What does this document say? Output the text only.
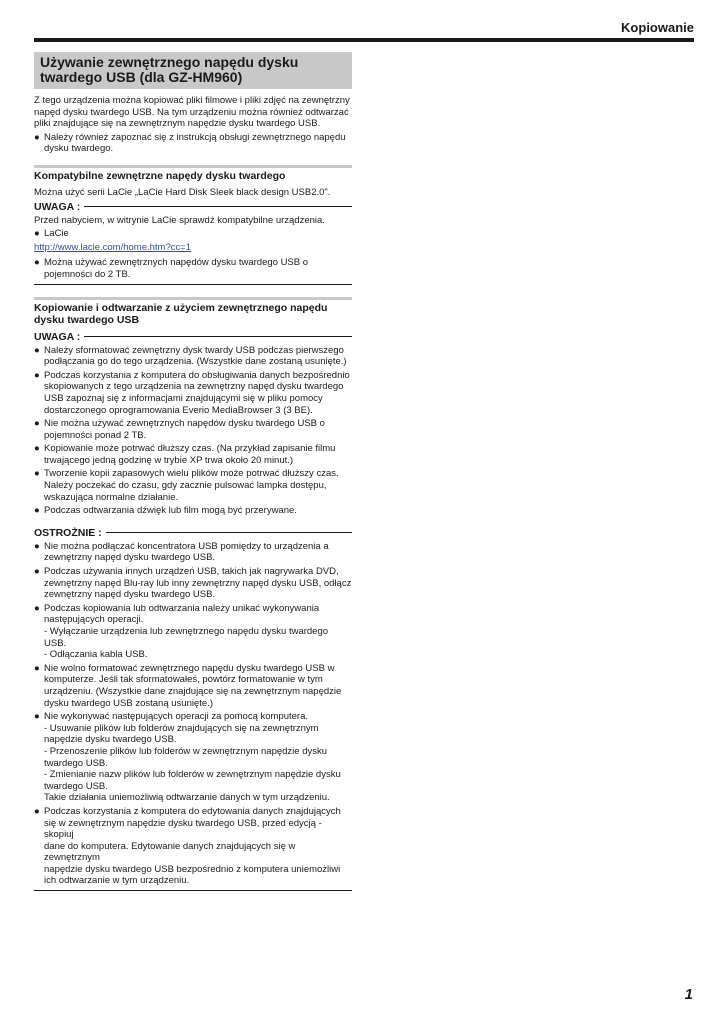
Kopiowanie
Używanie zewnętrznego napędu dysku
twardego USB (dla GZ-HM960)
Z tego urządzenia można kopiować pliki filmowe i pliki zdjęć na zewnętrzny
napęd dysku twardego USB. Na tym urządzeniu można również odtwarzać
pliki znajdujące się na zewnętrznym napędzie dysku twardego USB.
● Należy również zapoznać się z instrukcją obsługi zewnętrznego napędu
dysku twardego.
Kompatybilne zewnętrzne napędy dysku twardego
Można użyć serii LaCie „LaCie Hard Disk Sleek black design USB2.0".
UWAGA :
Przed nabyciem, w witrynie LaCie sprawdź kompatybilne urządzenia.
● LaCie
http://www.lacie.com/home.htm?cc=1
● Można używać zewnętrznych napędów dysku twardego USB o
pojemności do 2 TB.
Kopiowanie i odtwarzanie z użyciem zewnętrznego napędu
dysku twardego USB
UWAGA :
● Należy sformatować zewnętrzny dysk twardy USB podczas pierwszego
podłączania go do tego urządzenia. (Wszystkie dane zostaną usunięte.)
● Podczas korzystania z komputera do obsługiwania danych bezpośrednio
skopiowanych z tego urządzenia na zewnętrzny napęd dysku twardego
USB zapoznaj się z informacjami znajdującymi się w pliku pomocy
dostarczonego oprogramowania Everio MediaBrowser 3 (3 BE).
● Nie można używać zewnętrznych napędów dysku twardego USB o
pojemności ponad 2 TB.
● Kopiowanie może potrwać dłuższy czas. (Na przykład zapisanie filmu
trwającego jedną godzinę w trybie XP trwa około 20 minut.)
● Tworzenie kopii zapasowych wielu plików może potrwać dłuższy czas.
Należy poczekać do czasu, gdy zacznie pulsować lampka dostępu,
wskazująca normalne działanie.
● Podczas odtwarzania dźwięk lub film mogą być przerywane.
OSTROŻNIE :
● Nie można podłączać koncentratora USB pomiędzy to urządzenia a
zewnętrzny napęd dysku twardego USB.
● Podczas używania innych urządzeń USB, takich jak nagrywarka DVD,
zewnętrzny napęd Blu-ray lub inny zewnętrzny napęd dysku USB, odłącz
zewnętrzny napęd dysku twardego USB.
● Podczas kopiowania lub odtwarzania należy unikać wykonywania
następujących operacji.
- Wyłączanie urządzenia lub zewnętrznego napędu dysku twardego USB.
- Odłączania kabla USB.
● Nie wolno formatować zewnętrznego napędu dysku twardego USB w
komputerze. Jeśli tak sformatowałeś, powtórz formatowanie w tym
urządzeniu. (Wszystkie dane znajdujące się na zewnętrznym napędzie
dysku twardego USB zostaną usunięte.)
● Nie wykonywać następujących operacji za pomocą komputera.
- Usuwanie plików lub folderów znajdujących się na zewnętrznym
napędzie dysku twardego USB.
- Przenoszenie plików lub folderów w zewnętrznym napędzie dysku
twardego USB.
- Zmienianie nazw plików lub folderów w zewnętrznym napędzie dysku
twardego USB.
Takie działania uniemożliwią odtwarzanie danych w tym urządzeniu.
● Podczas korzystania z komputera do edytowania danych znajdujących
się w zewnętrznym napędzie dysku twardego USB, przed edycją - skopiuj
dane do komputera. Edytowanie danych znajdujących się w zewnętrznym
napędzie dysku twardego USB bezpośrednio z komputera uniemożliwi
ich odtwarzanie w tym urządzeniu.
1
